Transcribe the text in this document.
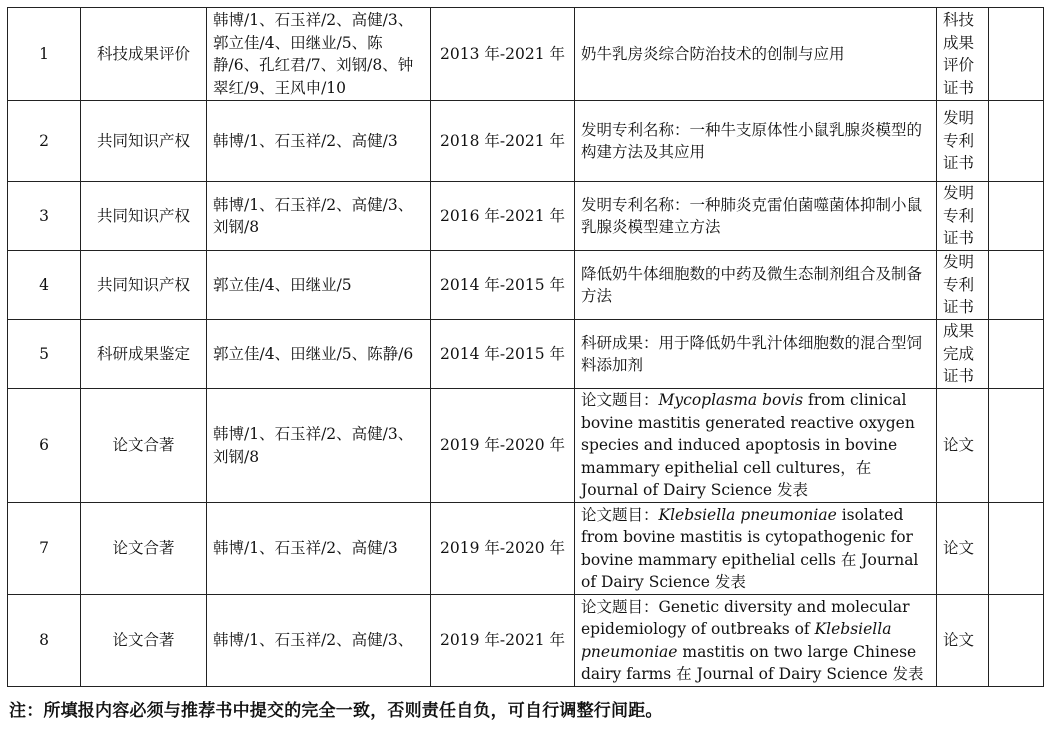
1	科技成果评价	韩博/1、石玉祥/2、高健/3、郭立佳/4、田继业/5、陈静/6、孔红君/7、刘钢/8、钟翠红/9、王风申/10	2013 年-2021 年	奶牛乳房炎综合防治技术的创制与应用	科技成果评价证书	
2	共同知识产权	韩博/1、石玉祥/2、高健/3	2018 年-2021 年	发明专利名称：一种牛支原体性小鼠乳腺炎模型的构建方法及其应用	发明专利证书	
3	共同知识产权	韩博/1、石玉祥/2、高健/3、刘钢/8	2016 年-2021 年	发明专利名称：一种肺炎克雷伯菌噬菌体抑制小鼠乳腺炎模型建立方法	发明专利证书	
4	共同知识产权	郭立佳/4、田继业/5	2014 年-2015 年	降低奶牛体细胞数的中药及微生态制剂组合及制备方法	发明专利证书	
5	科研成果鉴定	郭立佳/4、田继业/5、陈静/6	2014 年-2015 年	科研成果：用于降低奶牛乳汁体细胞数的混合型饲料添加剂	成果完成证书	
6	论文合著	韩博/1、石玉祥/2、高健/3、刘钢/8	2019 年-2020 年	论文题目：Mycoplasma bovis from clinical bovine mastitis generated reactive oxygen species and induced apoptosis in bovine mammary epithelial cell cultures，在 Journal of Dairy Science 发表	论文	
7	论文合著	韩博/1、石玉祥/2、高健/3	2019 年-2020 年	论文题目：Klebsiella pneumoniae isolated from bovine mastitis is cytopathogenic for bovine mammary epithelial cells 在 Journal of Dairy Science 发表	论文	
8	论文合著	韩博/1、石玉祥/2、高健/3、	2019 年-2021 年	论文题目：Genetic diversity and molecular epidemiology of outbreaks of Klebsiella pneumoniae mastitis on two large Chinese dairy farms 在 Journal of Dairy Science 发表	论文	
注：所填报内容必须与推荐书中提交的完全一致，否则责任自负，可自行调整行间距。
